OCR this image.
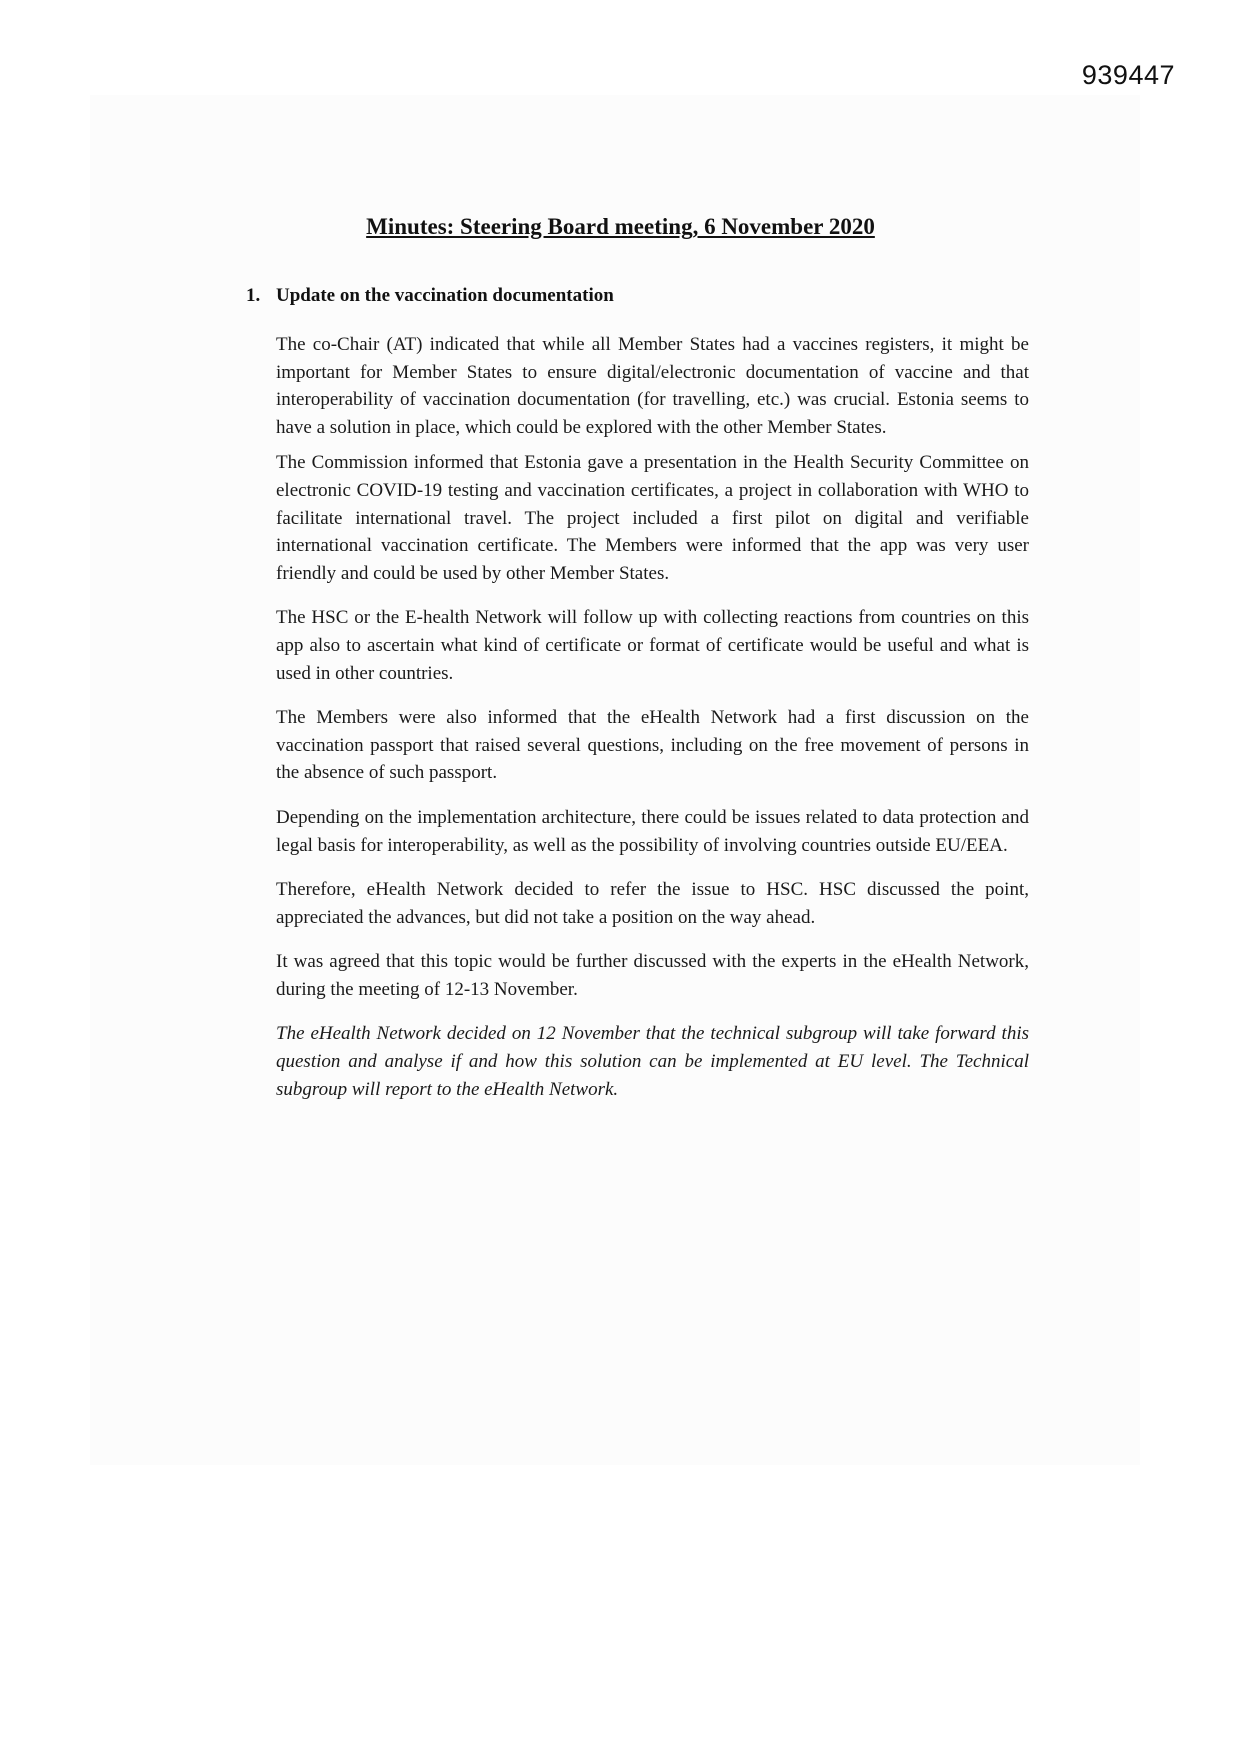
939447
Minutes: Steering Board meeting, 6 November 2020
1. Update on the vaccination documentation

The co-Chair (AT) indicated that while all Member States had a vaccines registers, it might be important for Member States to ensure digital/electronic documentation of vaccine and that interoperability of vaccination documentation (for travelling, etc.) was crucial. Estonia seems to have a solution in place, which could be explored with the other Member States.

The Commission informed that Estonia gave a presentation in the Health Security Committee on electronic COVID-19 testing and vaccination certificates, a project in collaboration with WHO to facilitate international travel. The project included a first pilot on digital and verifiable international vaccination certificate. The Members were informed that the app was very user friendly and could be used by other Member States.

The HSC or the E-health Network will follow up with collecting reactions from countries on this app also to ascertain what kind of certificate or format of certificate would be useful and what is used in other countries.

The Members were also informed that the eHealth Network had a first discussion on the vaccination passport that raised several questions, including on the free movement of persons in the absence of such passport.

Depending on the implementation architecture, there could be issues related to data protection and legal basis for interoperability, as well as the possibility of involving countries outside EU/EEA.

Therefore, eHealth Network decided to refer the issue to HSC. HSC discussed the point, appreciated the advances, but did not take a position on the way ahead.

It was agreed that this topic would be further discussed with the experts in the eHealth Network, during the meeting of 12-13 November.

The eHealth Network decided on 12 November that the technical subgroup will take forward this question and analyse if and how this solution can be implemented at EU level. The Technical subgroup will report to the eHealth Network.
